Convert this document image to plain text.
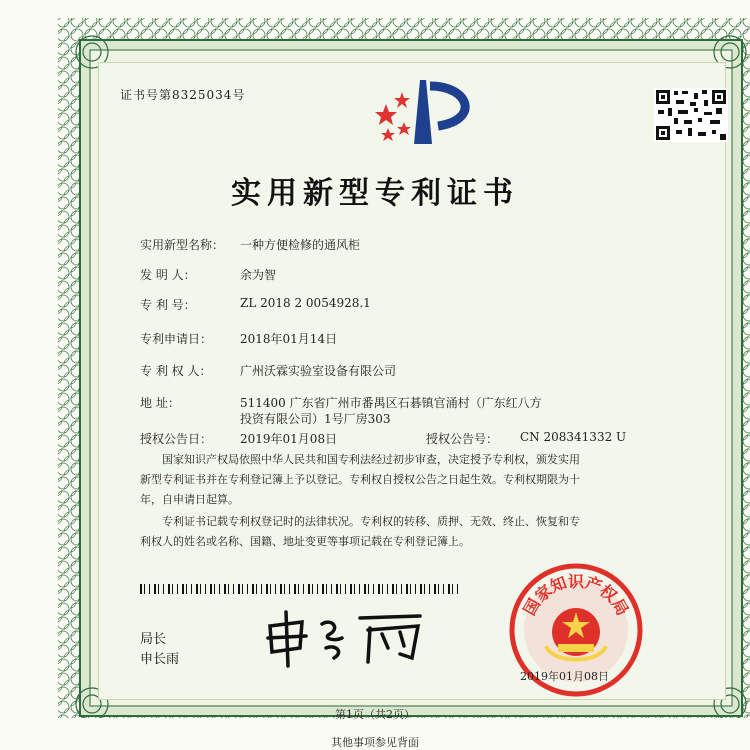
证书号第8325034号
实用新型专利证书
实用新型名称： 一种方便检修的通风柜
发 明 人：	余为智
专 利 号：	ZL 2018 2 0054928.1
专利申请日： 2018年01月14日
专 利 权 人： 广州沃霖实验室设备有限公司
地 址：	511400 广东省广州市番禺区石碁镇官涌村（广东红八方
投资有限公司）1号厂房303
授权公告日： 2019年01月08日	授权公告号： CN 208341332 U
国家知识产权局依照中华人民共和国专利法经过初步审查，决定授予专利权，颁发实用
新型专利证书并在专利登记簿上予以登记。专利权自授权公告之日起生效。专利权期限为十
年，自申请日起算。
专利证书记载专利权登记时的法律状况。专利权的转移、质押、无效、终止、恢复和专
利权人的姓名或名称、国籍、地址变更等事项记载在专利登记簿上。
局长
申长雨
国
家
知
识
产
权
局
2019年01月08日
第1页（共2页）
其他事项参见背面
